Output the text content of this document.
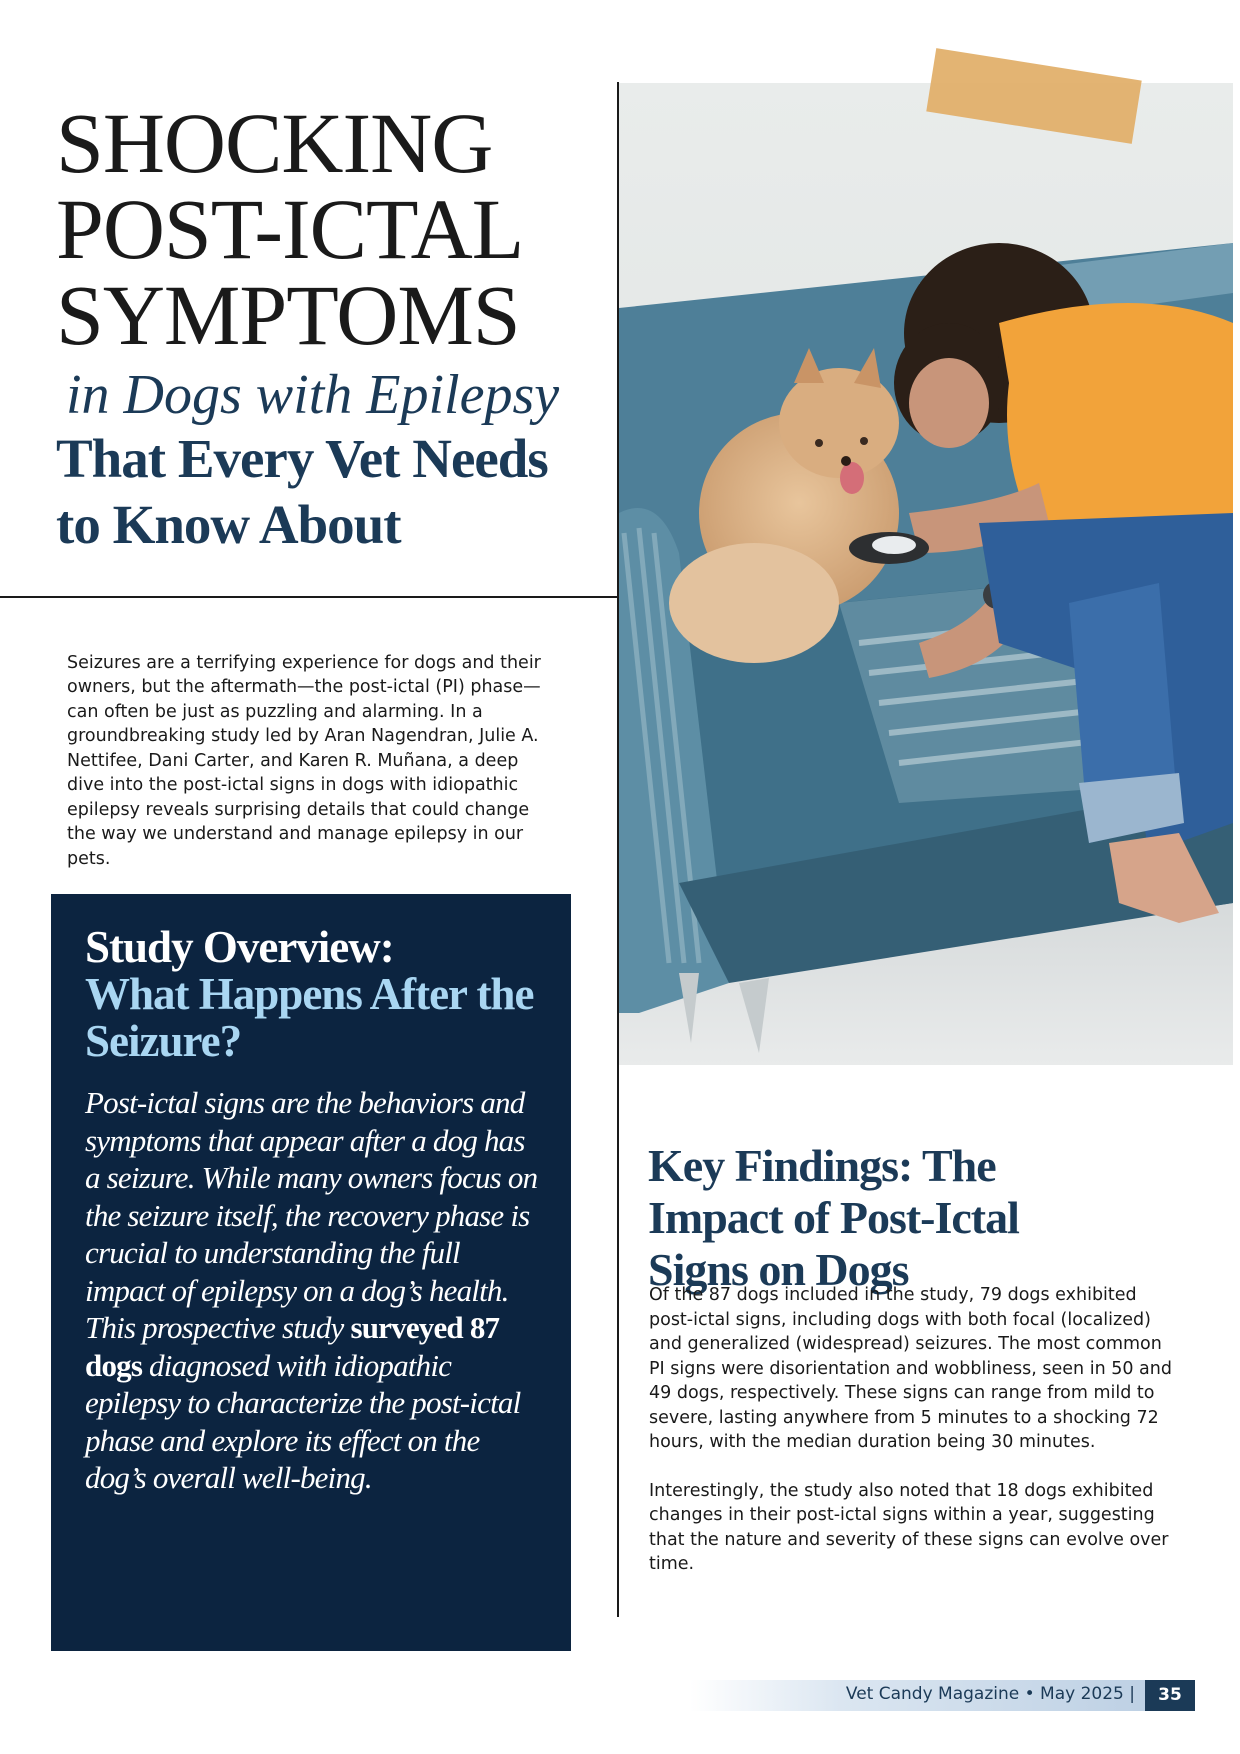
SHOCKING
POST-ICTAL
SYMPTOMS
in Dogs with Epilepsy
That Every Vet Needs
to Know About

Seizures are a terrifying experience for dogs and their owners, but the aftermath—the post-ictal (PI) phase—can often be just as puzzling and alarming. In a groundbreaking study led by Aran Nagendran, Julie A. Nettifee, Dani Carter, and Karen R. Muñana, a deep dive into the post-ictal signs in dogs with idiopathic epilepsy reveals surprising details that could change the way we understand and manage epilepsy in our pets.

Study Overview:
What Happens After the Seizure?
Post-ictal signs are the behaviors and symptoms that appear after a dog has a seizure. While many owners focus on the seizure itself, the recovery phase is crucial to understanding the full impact of epilepsy on a dog’s health. This prospective study surveyed 87 dogs diagnosed with idiopathic epilepsy to characterize the post-ictal phase and explore its effect on the dog’s overall well-being.
Key Findings: The
Impact of Post-Ictal
Signs on Dogs

Of the 87 dogs included in the study, 79 dogs exhibited post-ictal signs, including dogs with both focal (localized) and generalized (widespread) seizures. The most common PI signs were disorientation and wobbliness, seen in 50 and 49 dogs, respectively. These signs can range from mild to severe, lasting anywhere from 5 minutes to a shocking 72 hours, with the median duration being 30 minutes.

Interestingly, the study also noted that 18 dogs exhibited changes in their post-ictal signs within a year, suggesting that the nature and severity of these signs can evolve over time.

Vet Candy Magazine • May 2025 |	35
